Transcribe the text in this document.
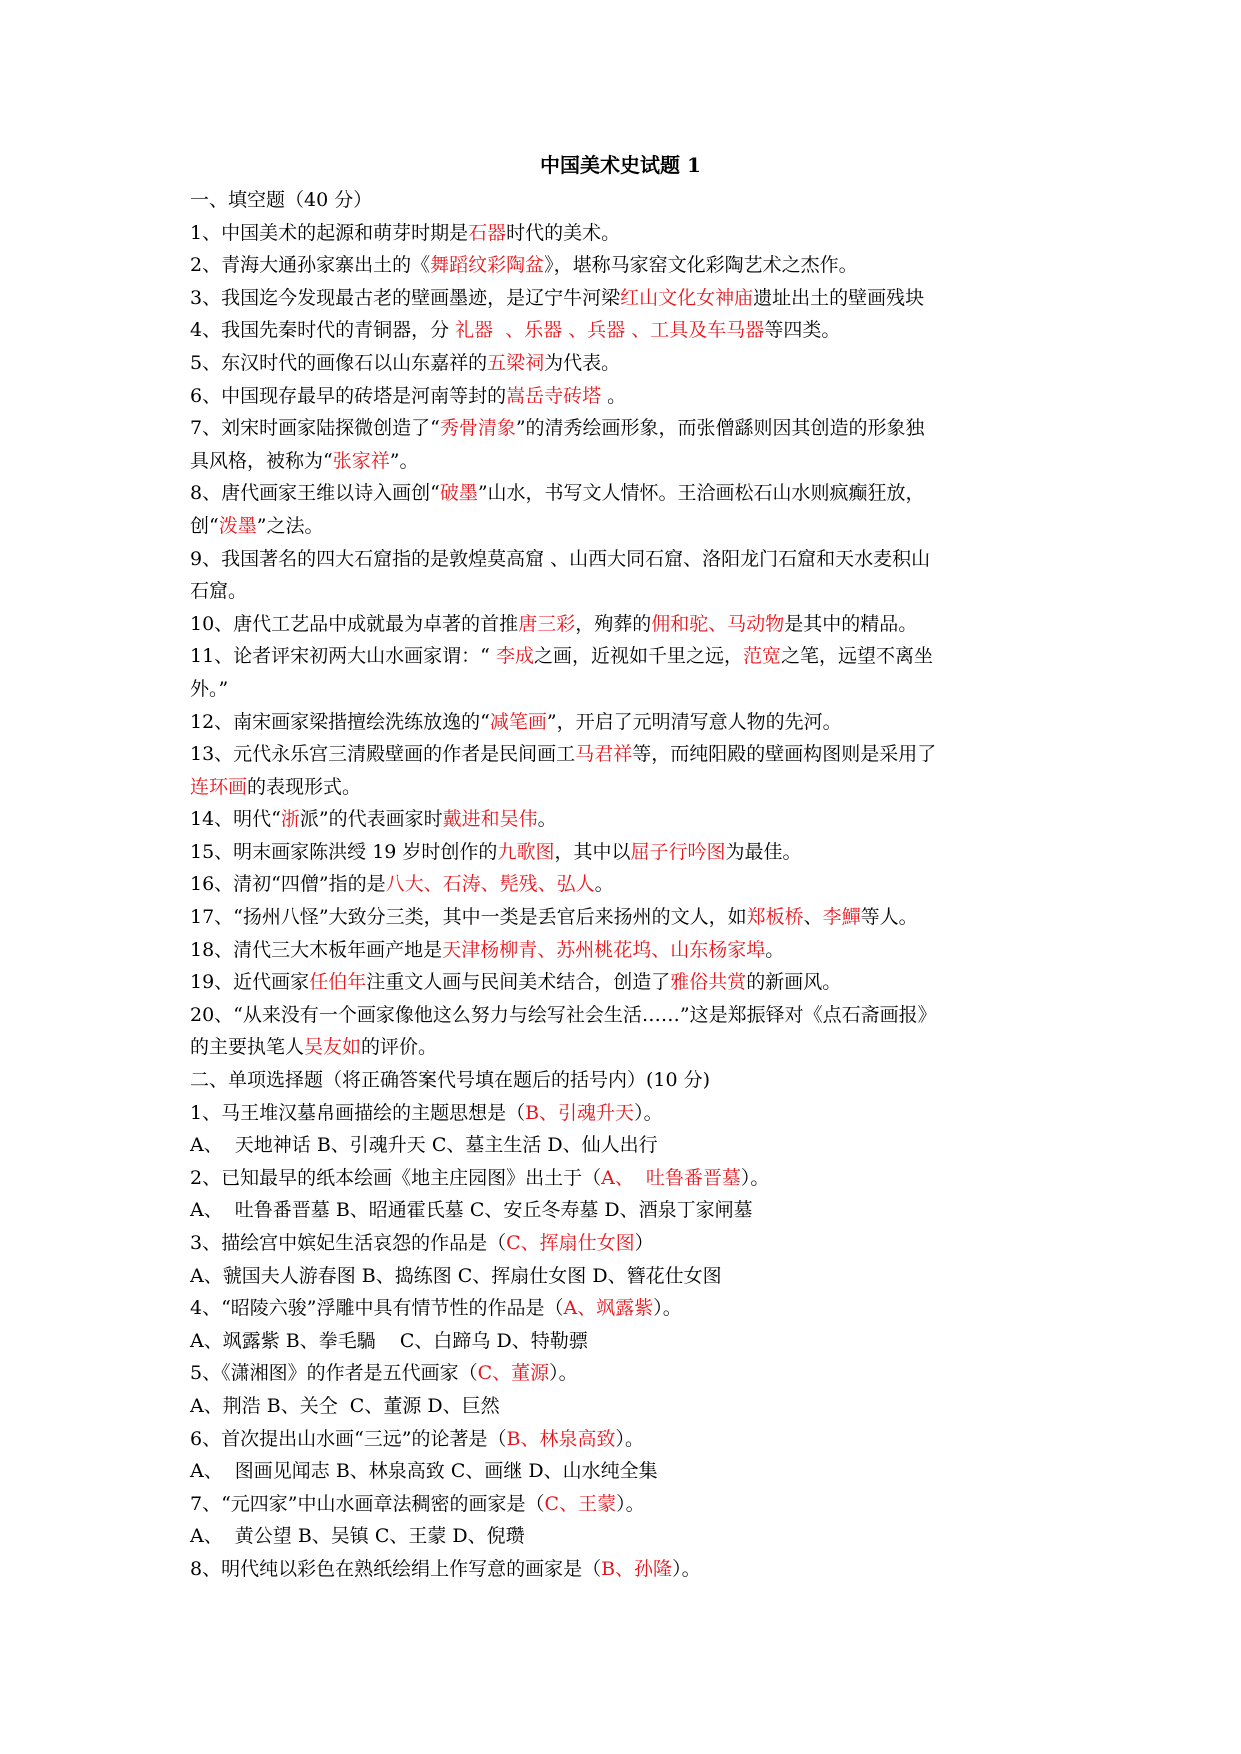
中国美术史试题 1
一、填空题（40 分）
1、中国美术的起源和萌芽时期是石器时代的美术。
2、青海大通孙家寨出土的《舞蹈纹彩陶盆》，堪称马家窑文化彩陶艺术之杰作。
3、我国迄今发现最古老的壁画墨迹，是辽宁牛河梁红山文化女神庙遗址出土的壁画残块
4、我国先秦时代的青铜器，分 礼器  、乐器 、兵器 、工具及车马器等四类。
5、东汉时代的画像石以山东嘉祥的五梁祠为代表。
6、中国现存最早的砖塔是河南等封的嵩岳寺砖塔 。
7、刘宋时画家陆探微创造了“秀骨清象”的清秀绘画形象，而张僧繇则因其创造的形象独
具风格，被称为“张家祥”。
8、唐代画家王维以诗入画创“破墨”山水，书写文人情怀。王洽画松石山水则疯癫狂放，
创“泼墨”之法。
9、我国著名的四大石窟指的是敦煌莫高窟 、山西大同石窟、洛阳龙门石窟和天水麦积山
石窟。
10、唐代工艺品中成就最为卓著的首推唐三彩，殉葬的佣和驼、马动物是其中的精品。
11、论者评宋初两大山水画家谓：“ 李成之画，近视如千里之远，范宽之笔，远望不离坐
外。”
12、南宋画家梁揩擅绘洗练放逸的“减笔画”，开启了元明清写意人物的先河。
13、元代永乐宫三清殿壁画的作者是民间画工马君祥等，而纯阳殿的壁画构图则是采用了
连环画的表现形式。
14、明代“浙派”的代表画家时戴进和吴伟。
15、明末画家陈洪绶 19 岁时创作的九歌图，其中以屈子行吟图为最佳。
16、清初“四僧”指的是八大、石涛、髡残、弘人。
17、“扬州八怪”大致分三类，其中一类是丢官后来扬州的文人，如郑板桥、李鱓等人。
18、清代三大木板年画产地是天津杨柳青、苏州桃花坞、山东杨家埠。
19、近代画家任伯年注重文人画与民间美术结合，创造了雅俗共赏的新画风。
20、“从来没有一个画家像他这么努力与绘写社会生活……”这是郑振铎对《点石斋画报》
的主要执笔人吴友如的评价。
二、单项选择题（将正确答案代号填在题后的括号内）(10 分)
1、马王堆汉墓帛画描绘的主题思想是（B、引魂升天）。
A、  天地神话 B、引魂升天 C、墓主生活 D、仙人出行
2、已知最早的纸本绘画《地主庄园图》出土于（A、  吐鲁番晋墓）。
A、  吐鲁番晋墓 B、昭通霍氏墓 C、安丘冬寿墓 D、酒泉丁家闸墓
3、描绘宫中嫔妃生活哀怨的作品是（C、挥扇仕女图）
A、虢国夫人游春图 B、捣练图 C、挥扇仕女图 D、簪花仕女图
4、“昭陵六骏”浮雕中具有情节性的作品是（A、飒露紫）。
A、飒露紫 B、拳毛騧    C、白蹄乌 D、特勒骠
5、《潇湘图》的作者是五代画家（C、董源）。
A、荆浩 B、关仝  C、董源 D、巨然
6、首次提出山水画“三远”的论著是（B、林泉高致）。
A、  图画见闻志 B、林泉高致 C、画继 D、山水纯全集
7、“元四家”中山水画章法稠密的画家是（C、王蒙）。
A、  黄公望 B、吴镇 C、王蒙 D、倪瓒
8、明代纯以彩色在熟纸绘绢上作写意的画家是（B、孙隆）。
